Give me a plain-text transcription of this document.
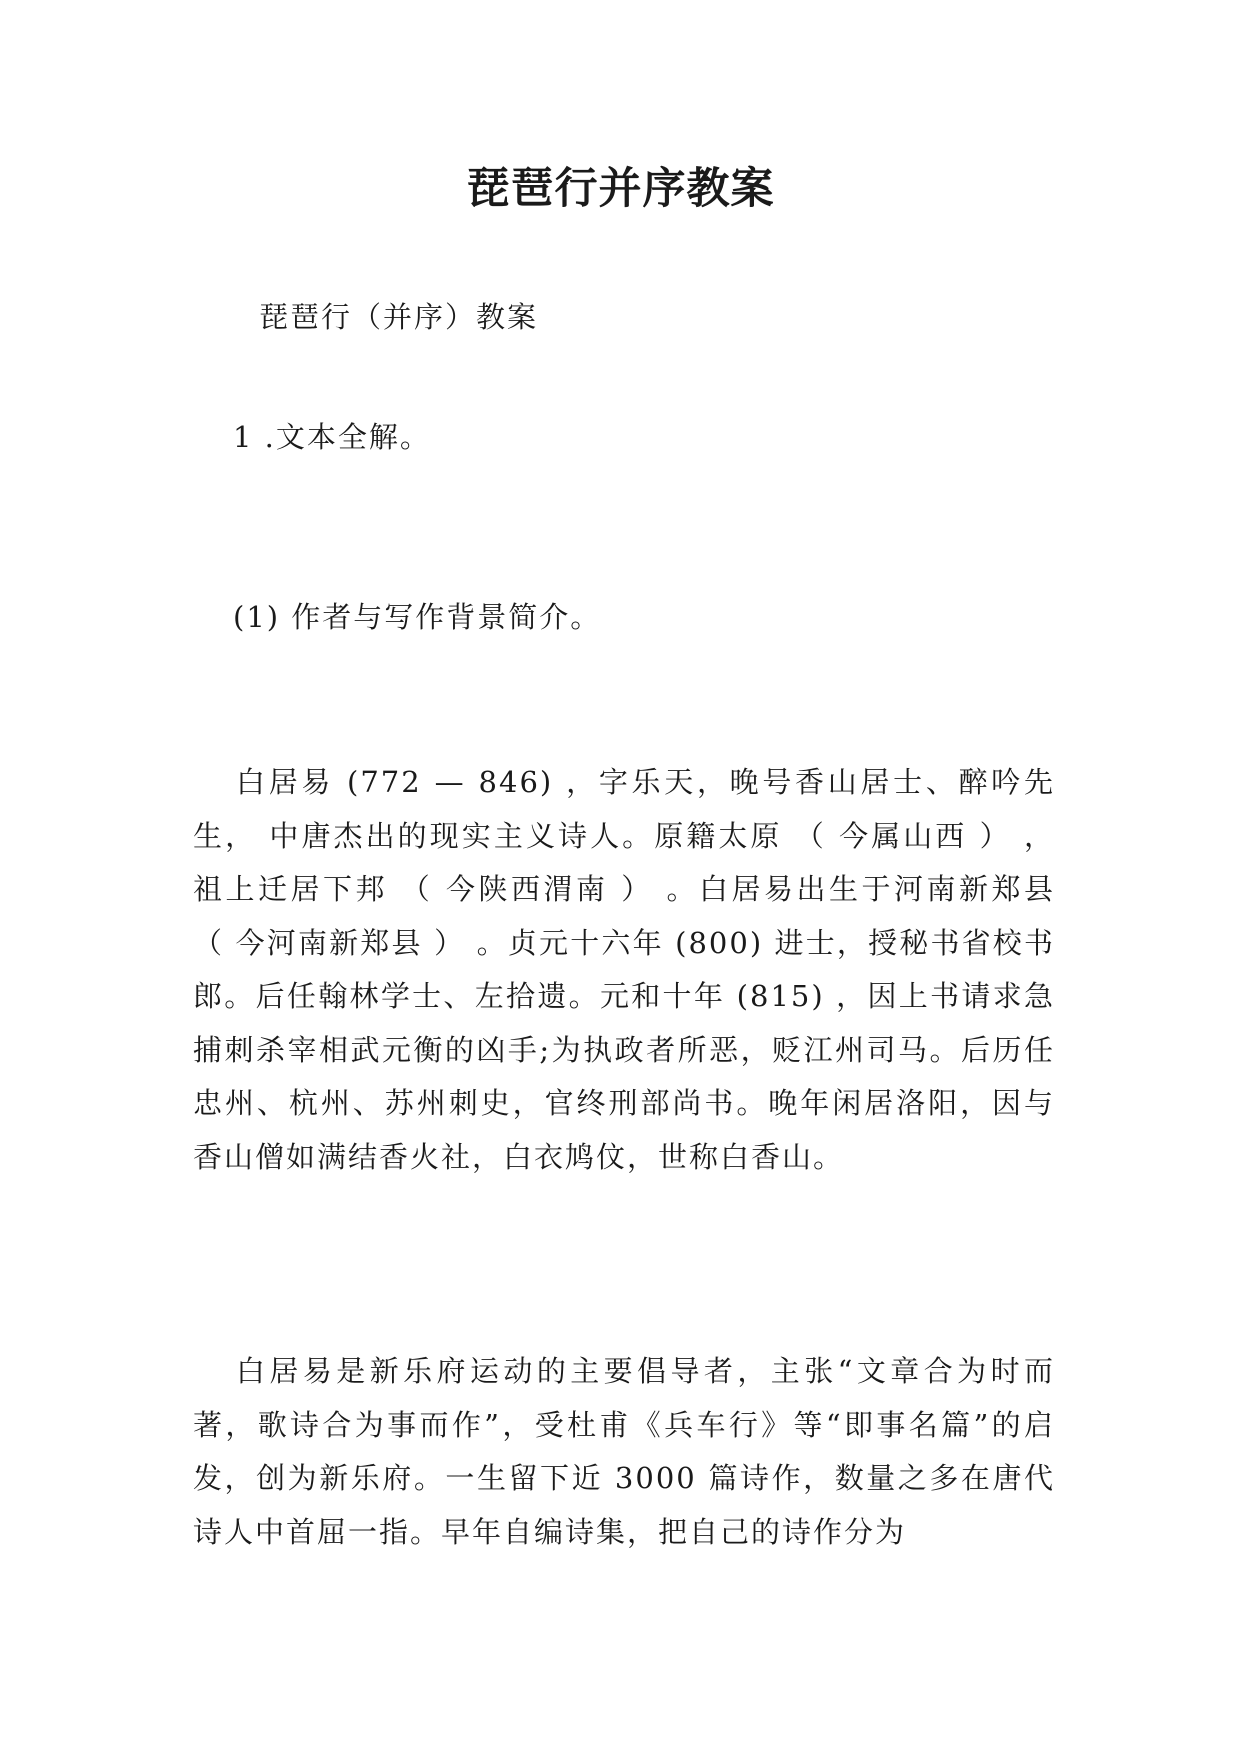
琵琶行并序教案

琵琶行（并序）教案

1 .文本全解。

(1) 作者与写作背景简介。

白居易 (772 — 846) ，字乐天，晚号香山居士、醉吟先生， 中唐杰出的现实主义诗人。原籍太原 （ 今属山西 ） ，祖上迁居下邦 （ 今陕西渭南 ） 。白居易出生于河南新郑县 （ 今河南新郑县 ） 。贞元十六年 (800) 进士，授秘书省校书郎。后任翰林学士、左拾遗。元和十年 (815) ，因上书请求急捕刺杀宰相武元衡的凶手;为执政者所恶，贬江州司马。后历任忠州、杭州、苏州刺史，官终刑部尚书。晚年闲居洛阳，因与香山僧如满结香火社，白衣鸠伩，世称白香山。

白居易是新乐府运动的主要倡导者，主张“文章合为时而著，歌诗合为事而作”，受杜甫《兵车行》等“即事名篇”的启发，创为新乐府。一生留下近 3000 篇诗作，数量之多在唐代诗人中首屈一指。早年自编诗集，把自己的诗作分为
